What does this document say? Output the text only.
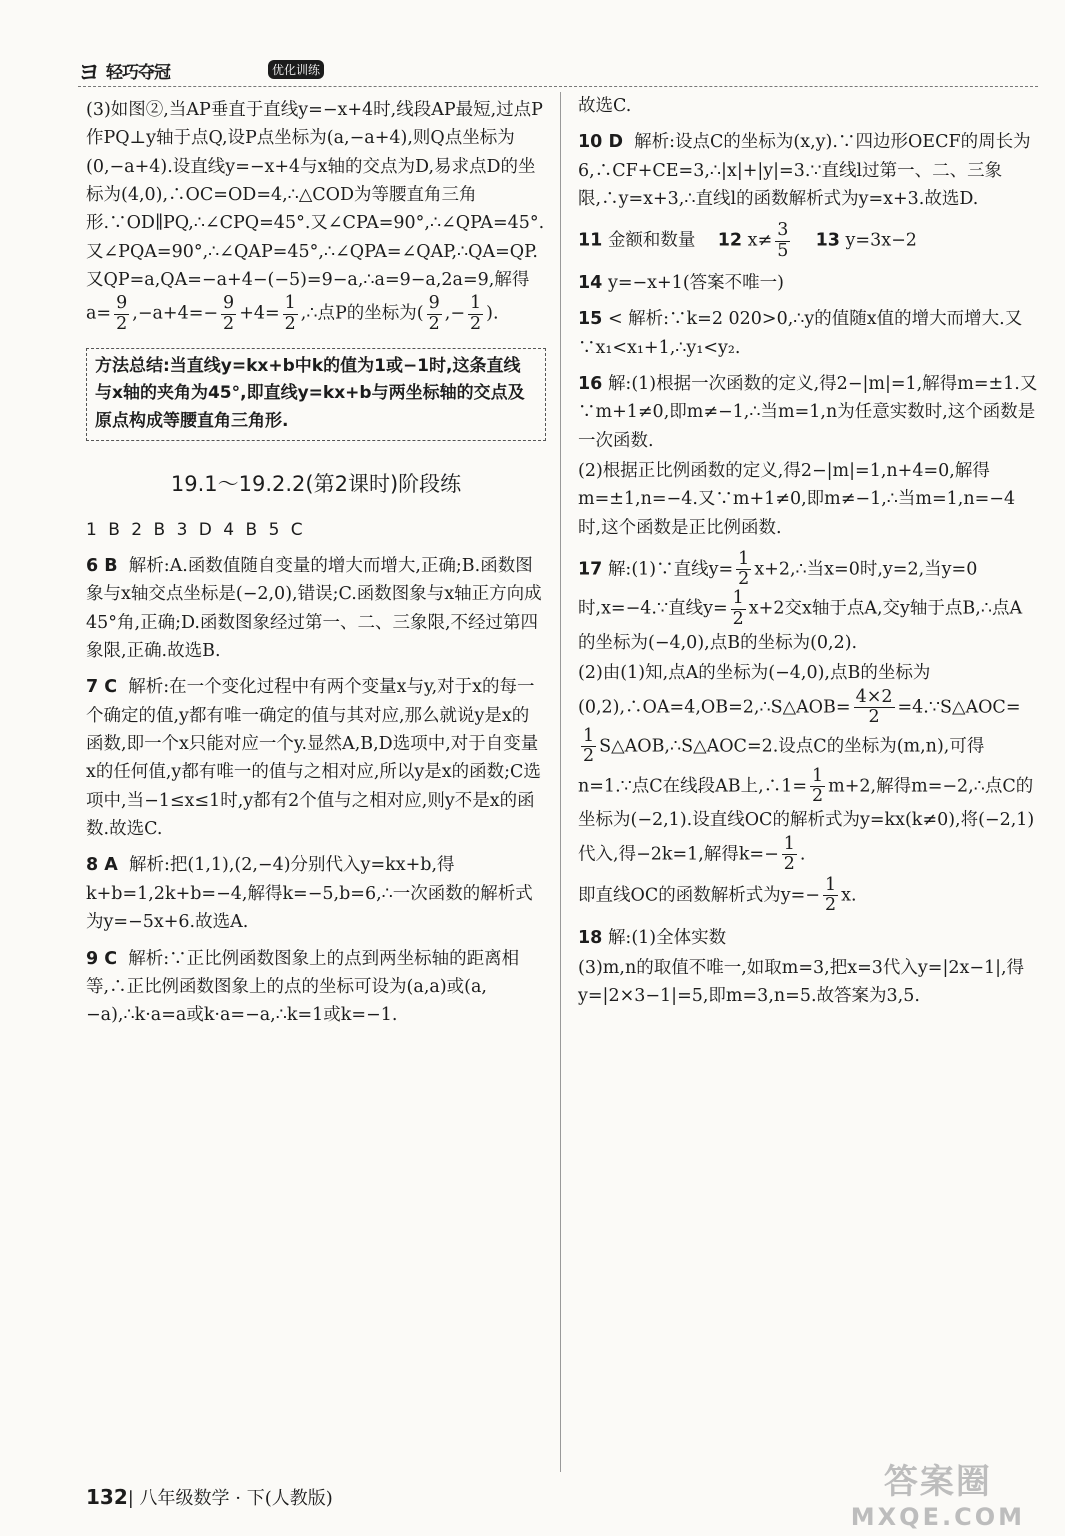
ヨ 轻巧夺冠	优化训练

(3)如图②,当AP垂直于直线y=−x+4时,线段AP最短,过点P作PQ⊥y轴于点Q,设P点坐标为(a,−a+4),则Q点坐标为(0,−a+4).设直线y=−x+4与x轴的交点为D,易求点D的坐标为(4,0),∴OC=OD=4,∴△COD为等腰直角三角形.∵OD∥PQ,∴∠CPQ=45°.又∠CPA=90°,∴∠QPA=45°.又∠PQA=90°,∴∠QAP=45°,∴∠QPA=∠QAP,∴QA=QP.又QP=a,QA=−a+4−(−5)=9−a,∴a=9−a,2a=9,解得$a= \frac{9}{2} ,-a+4=- \frac{9}{2} +4= \frac{1}{2}$ ,∴点P的坐标为( $\frac{9}{2}$ ,− $\frac{1}{2}$ ).

方法总结:当直线y=kx+b中k的值为1或−1时,这条直线与x轴的夹角为45°,即直线y=kx+b与两坐标轴的交点及原点构成等腰直角三角形.
19.1～19.2.2(第2课时)阶段练

1 B 2 B 3 D 4 B 5 C

6 B 解析:A.函数值随自变量的增大而增大,正确;B.函数图象与x轴交点坐标是(−2,0),错误;C.函数图象与x轴正方向成45°角,正确;D.函数图象经过第一、二、三象限,不经过第四象限,正确.故选B.

7 C 解析:在一个变化过程中有两个变量x与y,对于x的每一个确定的值,y都有唯一确定的值与其对应,那么就说y是x的函数,即一个x只能对应一个y.显然A,B,D选项中,对于自变量x的任何值,y都有唯一的值与之相对应,所以y是x的函数;C选项中,当−1≤x≤1时,y都有2个值与之相对应,则y不是x的函数.故选C.

8 A 解析:把(1,1),(2,−4)分别代入y=kx+b,得k+b=1,2k+b=−4,解得k=−5,b=6,∴一次函数的解析式为y=−5x+6.故选A.

9 C 解析:∵正比例函数图象上的点到两坐标轴的距离相等,∴正比例函数图象上的点的坐标可设为(a,a)或(a,−a),∴k·a=a或k·a=−a,∴k=1或k=−1.

故选C.

10 D 解析:设点C的坐标为(x,y).∵四边形OECF的周长为6,∴CF+CE=3,∴|x|+|y|=3.∵直线l过第一、二、三象限,∴y=x+3,∴直线l的函数解析式为y=x+3.故选D.

11 金额和数量 12 $x\ne \frac{3}{5} 13$ y=3x−2

14 y=−x+1(答案不唯一)

15 < 解析:∵k=2 020>0,∴y的值随x值的增大而增大.又∵x₁<x₁+1,∴y₁<y₂.

16 解:(1)根据一次函数的定义,得2−|m|=1,解得m=±1.又∵m+1≠0,即m≠−1,∴当m=1,n为任意实数时,这个函数是一次函数.

(2)根据正比例函数的定义,得2−|m|=1,n+4=0,解得m=±1,n=−4.又∵m+1≠0,即m≠−1,∴当m=1,n=−4时,这个函数是正比例函数.

17 解:(1)∵直线$y= \frac{1}{2}$ x+2,∴当x=0时,y=2,当y=0时,x=−4.∵直线$y= \frac{1}{2} x+2$交x轴于点A,交y轴于点B,∴点A的坐标为(−4,0),点B的坐标为(0,2).

(2)由(1)知,点A的坐标为(−4,0),点B的坐标为(0,2),∴OA=4,OB=2,∴S△AOB= $\frac{4\times 2}{2}$ =4.∵S△AOC=
$\frac{1}{2}$ S△AOB,∴S△AOC=2.设点C的坐标为(m,n),可得n=1.∵点C在线段AB上,∴1= $\frac{1}{2} m+2$,解得m=−2,∴点C的坐标为(−2,1).设直线OC的解析式为y=kx(k≠0),将(−2,1)代入,得−2k=1,解得$k=- \frac{1}{2}$ .

即直线OC的函数解析式为$y=- \frac{1}{2} x$.

18 解:(1)全体实数

(3)m,n的取值不唯一,如取m=3,把x=3代入y=|2x−1|,得y=|2×3−1|=5,即m=3,n=5.故答案为3,5.

132| 八年级数学 · 下(人教版)	答案圈
MXQE.COM
